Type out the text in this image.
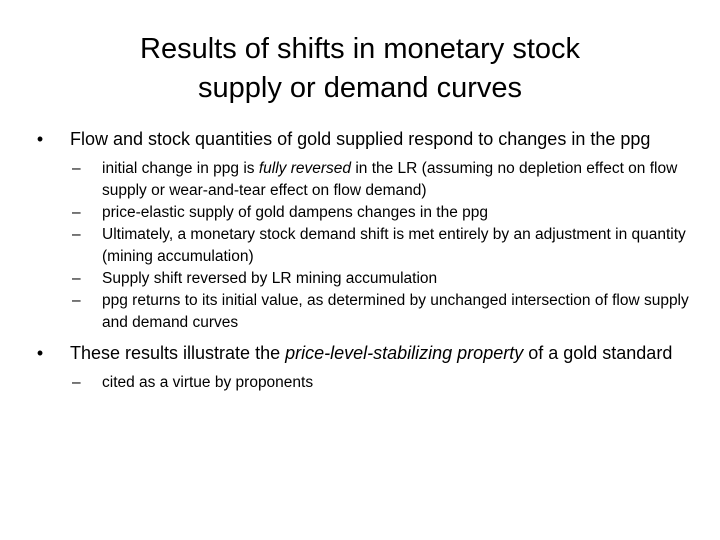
Results of shifts in monetary stock
supply or demand curves
•	Flow and stock quantities of gold supplied respond to changes in the ppg
– initial change in ppg is fully reversed in the LR (assuming no depletion effect on flow supply or wear-and-tear effect on flow demand)
– price‑elastic supply of gold dampens changes in the ppg
– Ultimately, a monetary stock demand shift is met entirely by an adjustment in quantity (mining accumulation)
– Supply shift reversed by LR mining accumulation
– ppg returns to its initial value, as determined by unchanged intersection of flow supply and demand curves
•	These results illustrate the price‑level‑stabilizing property of a gold standard
– cited as a virtue by proponents
